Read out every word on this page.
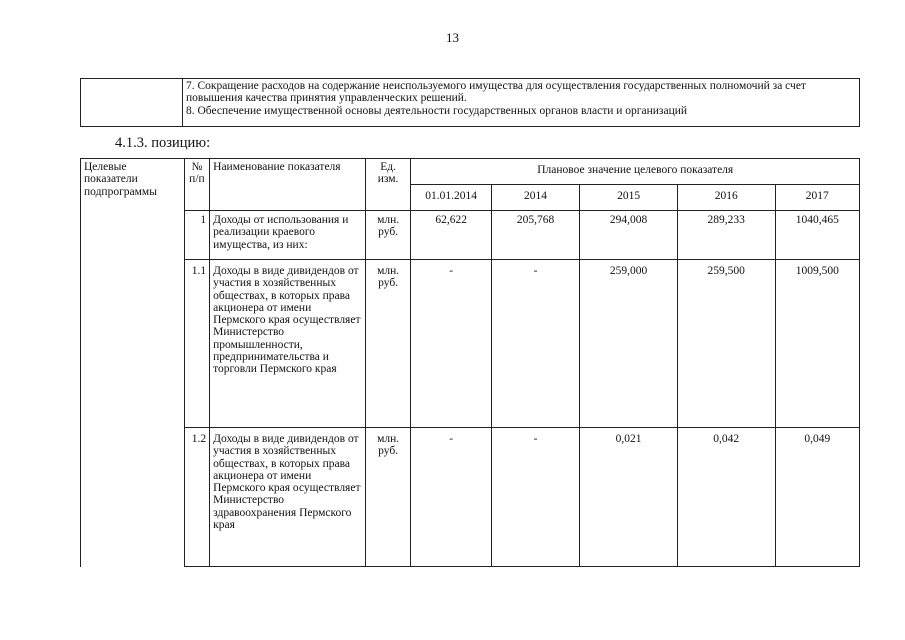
13

7. Сокращение расходов на содержание неиспользуемого имущества для осуществления государственных полномочий за счет повышения качества принятия управленческих решений.
8. Обеспечение имущественной основы деятельности государственных органов власти и организаций
4.1.3. позицию:
Целевые показатели подпрограммы	№ п/п	Наименование показателя	Ед. изм.	Плановое значение целевого показателя				
				01.01.2014	2014	2015	2016	2017
	1	Доходы от использования и реализации краевого имущества, из них:	млн. руб.	62,622	205,768	294,008	289,233	1040,465
	1.1	Доходы в виде дивидендов от участия в хозяйственных обществах, в которых права акционера от имени Пермского края осуществляет Министерство промышленности, предпринимательства и торговли Пермского края	млн. руб.	-	-	259,000	259,500	1009,500
	1.2	Доходы в виде дивидендов от участия в хозяйственных обществах, в которых права акционера от имени Пермского края осуществляет Министерство здравоохранения Пермского края	млн. руб.	-	-	0,021	0,042	0,049
